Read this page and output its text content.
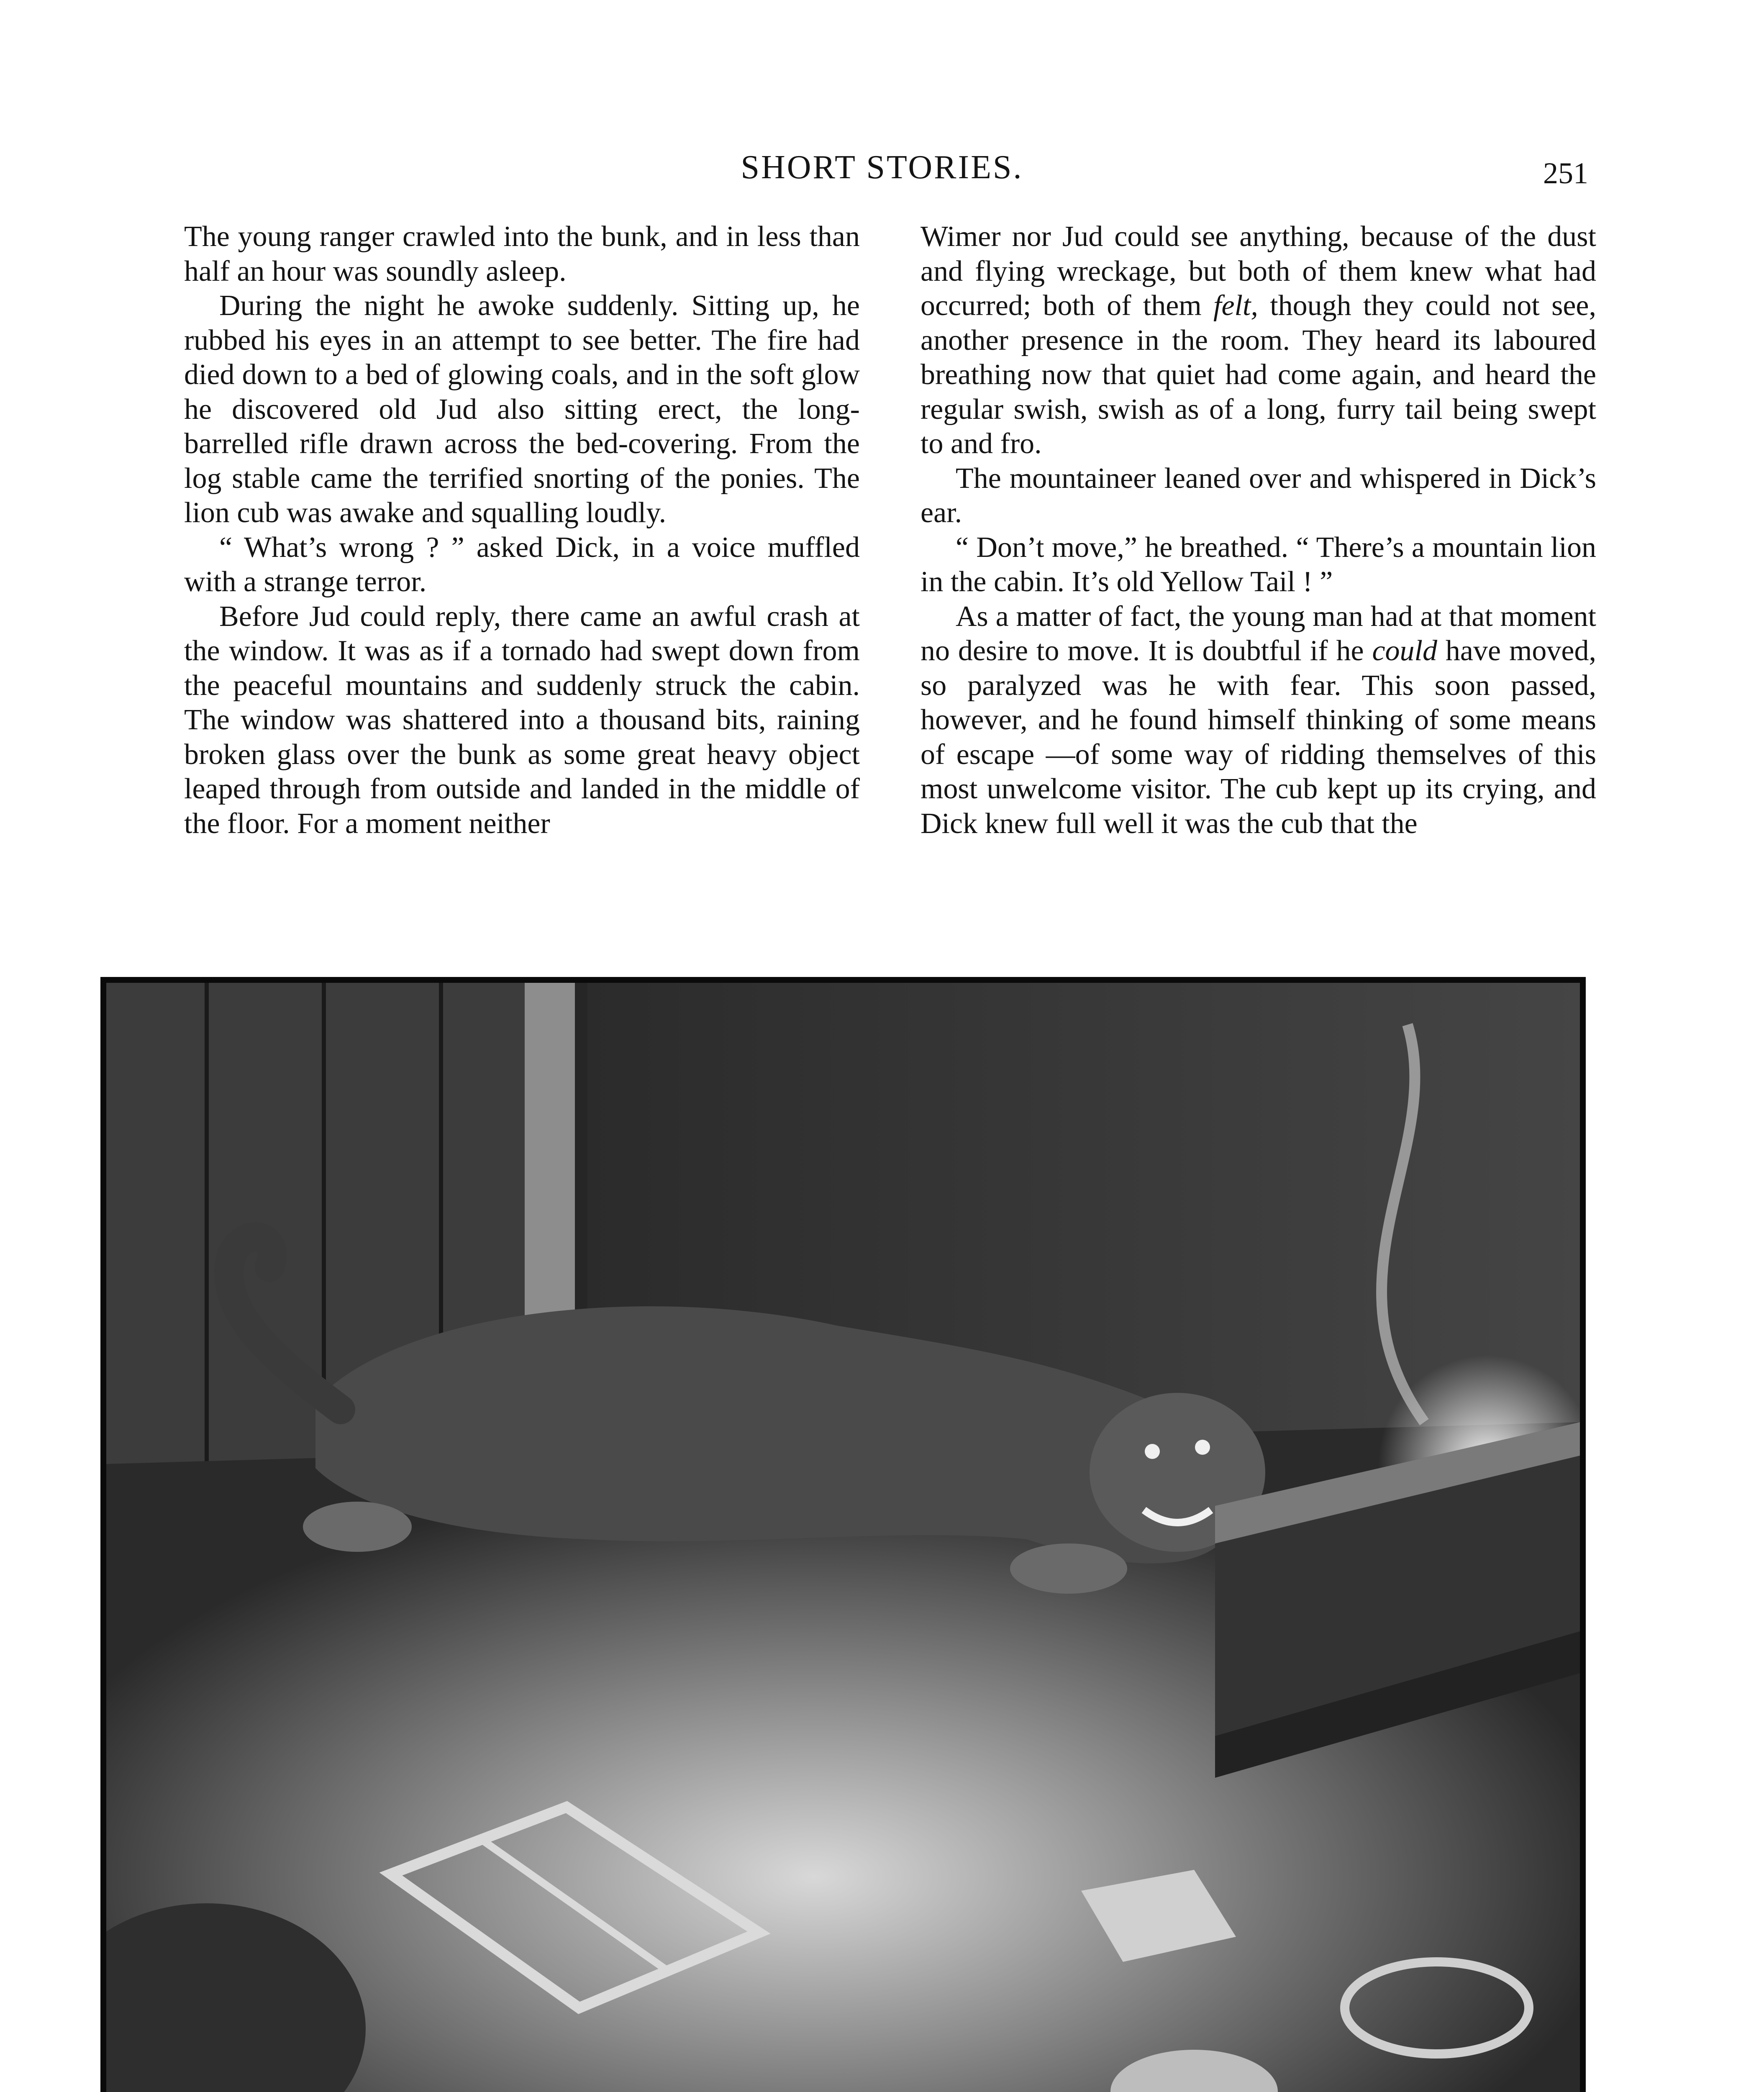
SHORT STORIES.	251

The young ranger crawled into the bunk, and in less than half an hour was soundly asleep.

During the night he awoke suddenly. Sitting up, he rubbed his eyes in an attempt to see better. The fire had died down to a bed of glowing coals, and in the soft glow he discovered old Jud also sitting erect, the long-barrelled rifle drawn across the bed-covering. From the log stable came the terrified snorting of the ponies. The lion cub was awake and squalling loudly.

“ What’s wrong ? ” asked Dick, in a voice muffled with a strange terror.

Before Jud could reply, there came an awful crash at the window. It was as if a tornado had swept down from the peaceful mountains and suddenly struck the cabin. The window was shattered into a thousand bits, raining broken glass over the bunk as some great heavy object leaped through from outside and landed in the middle of the floor. For a moment neither

Wimer nor Jud could see anything, because of the dust and flying wreckage, but both of them knew what had occurred; both of them felt, though they could not see, another presence in the room. They heard its laboured breathing now that quiet had come again, and heard the regular swish, swish as of a long, furry tail being swept to and fro.

The mountaineer leaned over and whispered in Dick’s ear.

“ Don’t move,” he breathed. “ There’s a mountain lion in the cabin. It’s old Yellow Tail ! ”

As a matter of fact, the young man had at that moment no desire to move. It is doubtful if he could have moved, so paralyzed was he with fear. This soon passed, however, and he found himself thinking of some means of escape —of some way of ridding themselves of this most unwelcome visitor. The cub kept up its crying, and Dick knew full well it was the cub that the
